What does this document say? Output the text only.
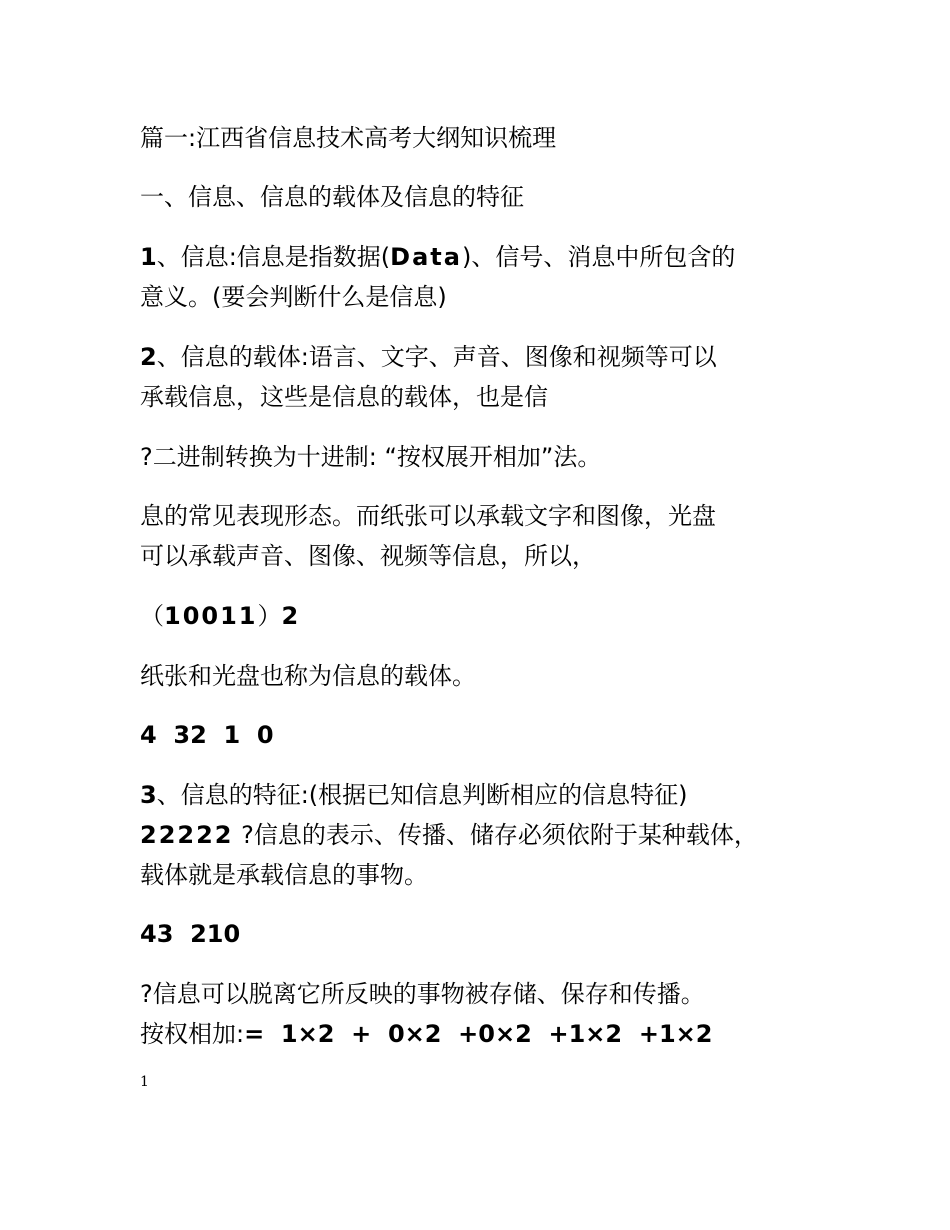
篇一:江西省信息技术高考大纲知识梳理
一、信息、信息的载体及信息的特征
1、信息:信息是指数据(Data)、信号、消息中所包含的
意义。(要会判断什么是信息)
2、信息的载体:语言、文字、声音、图像和视频等可以
承载信息，这些是信息的载体，也是信
?二进制转换为十进制: “按权展开相加”法。
息的常见表现形态。而纸张可以承载文字和图像，光盘
可以承载声音、图像、视频等信息，所以，
（10011）2
纸张和光盘也称为信息的载体。
4  32  1  0
3、信息的特征:(根据已知信息判断相应的信息特征)
22222 ?信息的表示、传播、储存必须依附于某种载体，
载体就是承载信息的事物。
43  210
?信息可以脱离它所反映的事物被存储、保存和传播。
按权相加:=  1×2  +  0×2  +0×2  +1×2  +1×2
1
